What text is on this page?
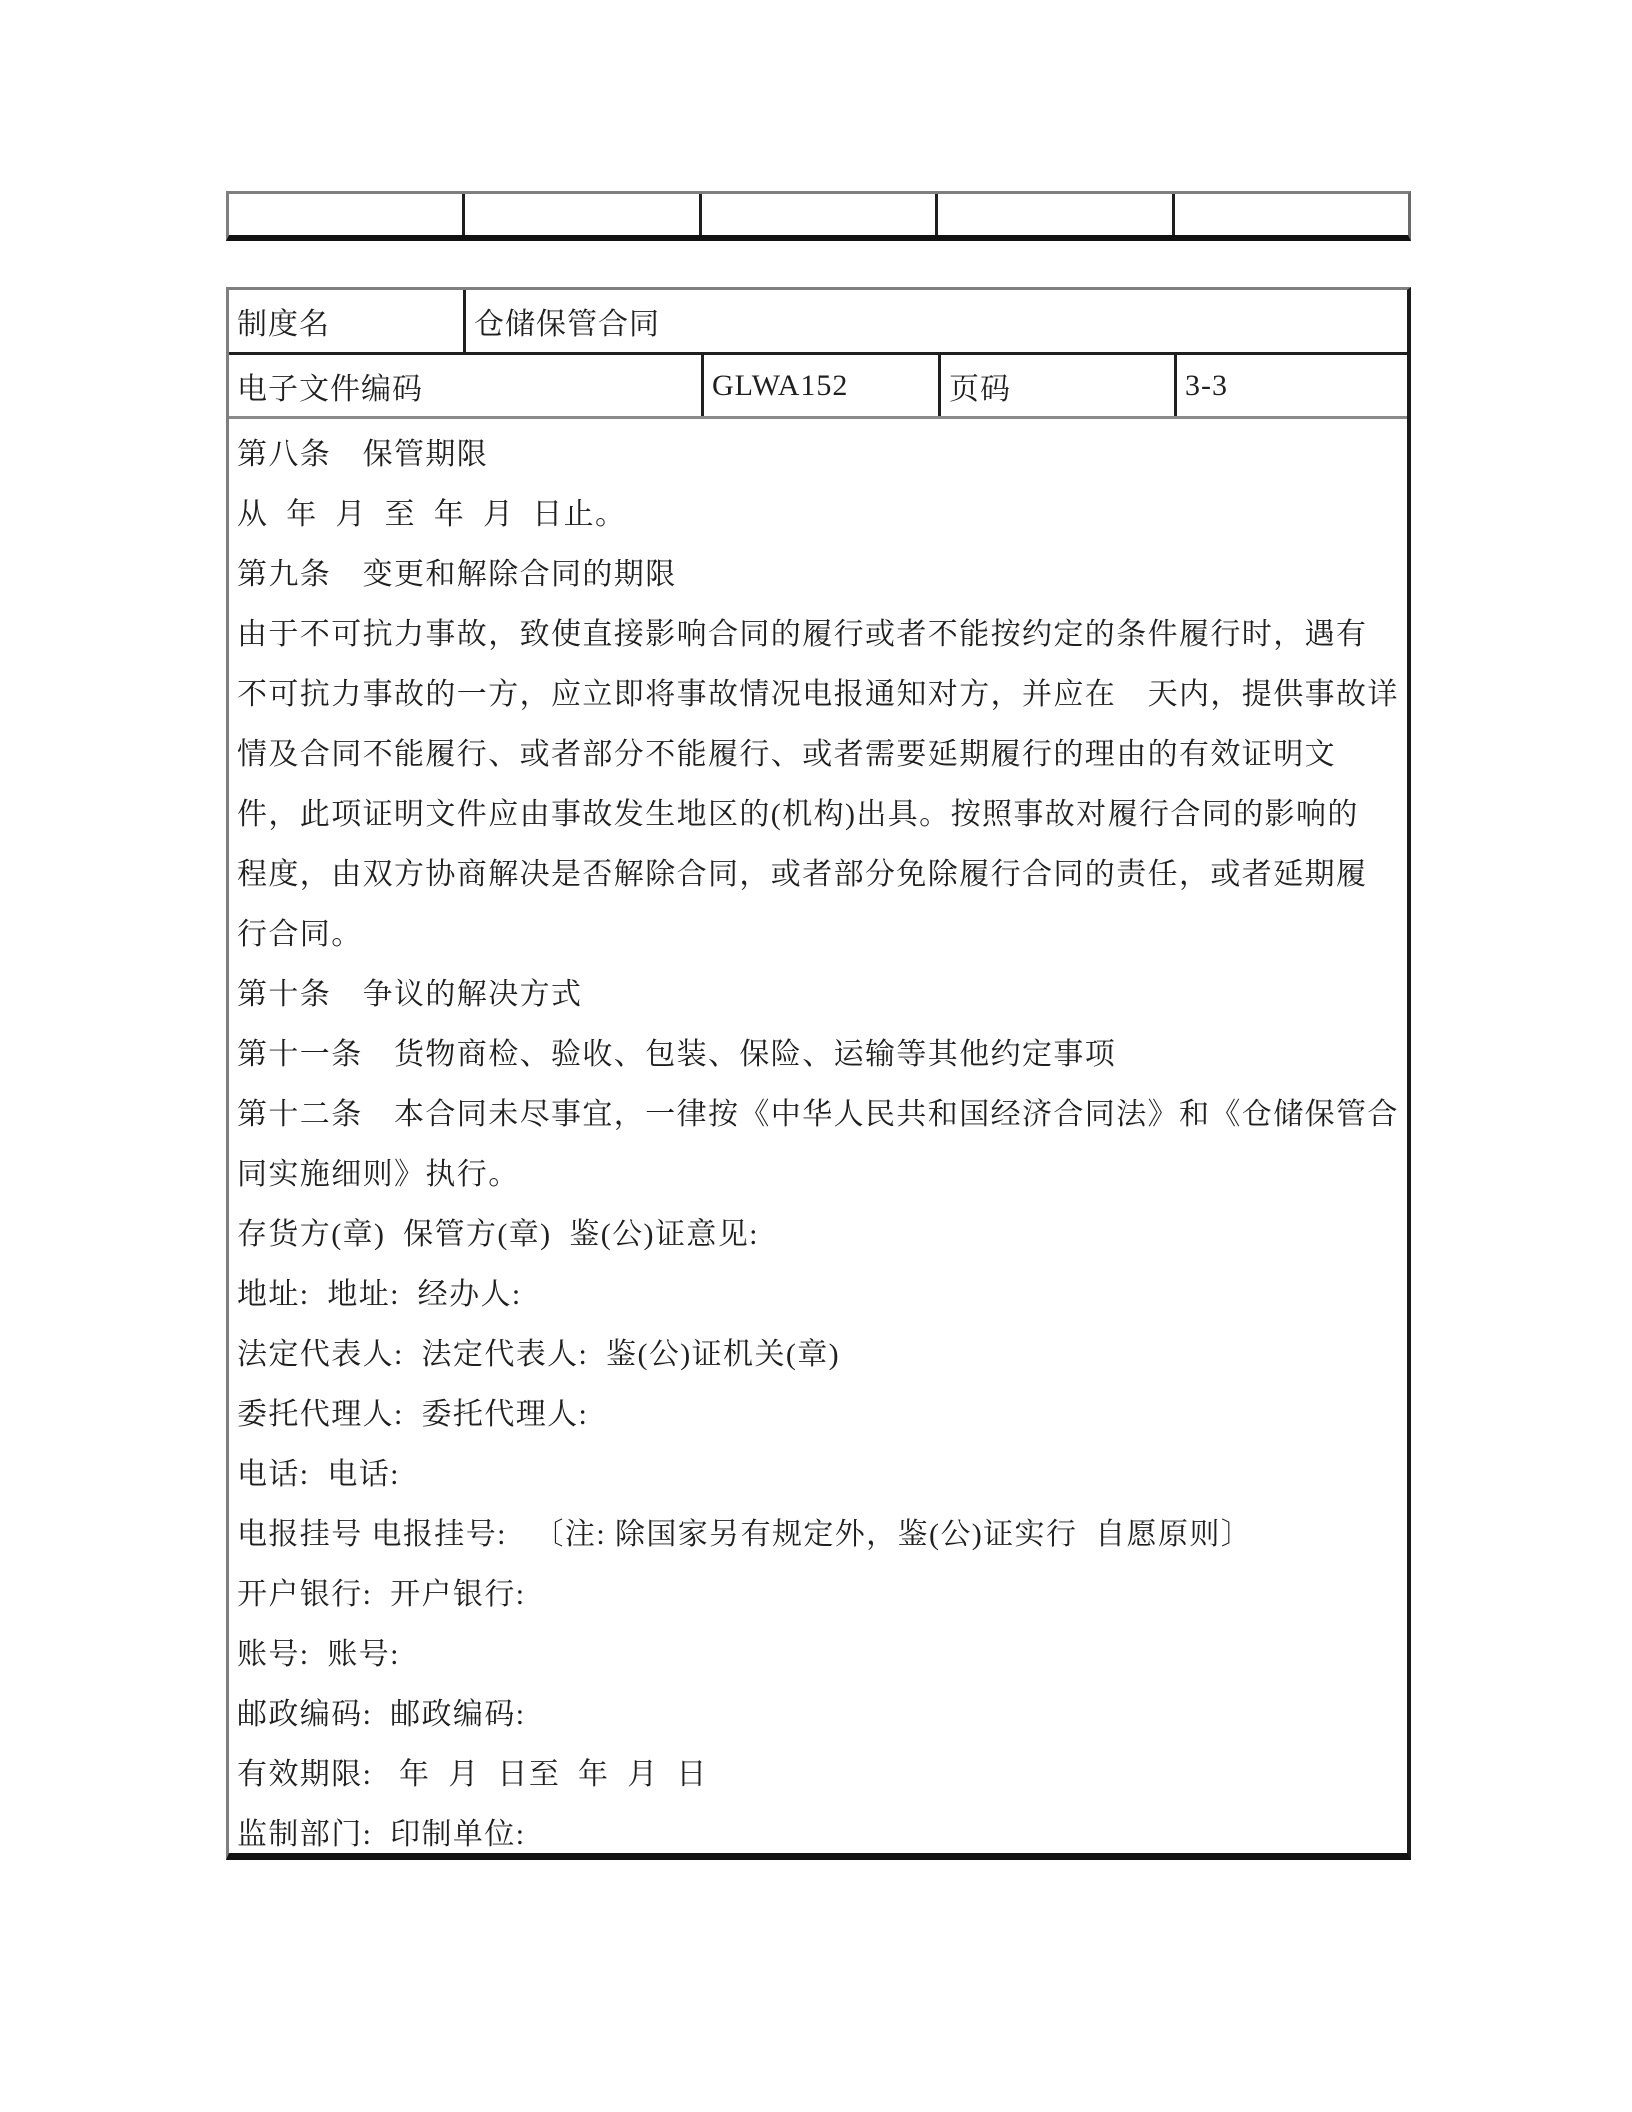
制度名	仓储保管合同
电子文件编码	GLWA152	页码	3-3
第八条　保管期限
从  年  月  至  年  月  日止。
第九条　变更和解除合同的期限
由于不可抗力事故，致使直接影响合同的履行或者不能按约定的条件履行时，遇有
不可抗力事故的一方，应立即将事故情况电报通知对方，并应在　天内，提供事故详
情及合同不能履行、或者部分不能履行、或者需要延期履行的理由的有效证明文
件，此项证明文件应由事故发生地区的(机构)出具。按照事故对履行合同的影响的
程度，由双方协商解决是否解除合同，或者部分免除履行合同的责任，或者延期履
行合同。
第十条　争议的解决方式
第十一条　货物商检、验收、包装、保险、运输等其他约定事项
第十二条　本合同未尽事宜，一律按《中华人民共和国经济合同法》和《仓储保管合
同实施细则》执行。
存货方(章)  保管方(章)  鉴(公)证意见:
地址:  地址:  经办人:
法定代表人:  法定代表人:  鉴(公)证机关(章)
委托代理人:  委托代理人:
电话:  电话:
电报挂号 电报挂号:   〔注: 除国家另有规定外，鉴(公)证实行  自愿原则〕
开户银行:  开户银行:
账号:  账号:
邮政编码:  邮政编码:
有效期限:   年  月  日至  年  月  日
监制部门:  印制单位:
